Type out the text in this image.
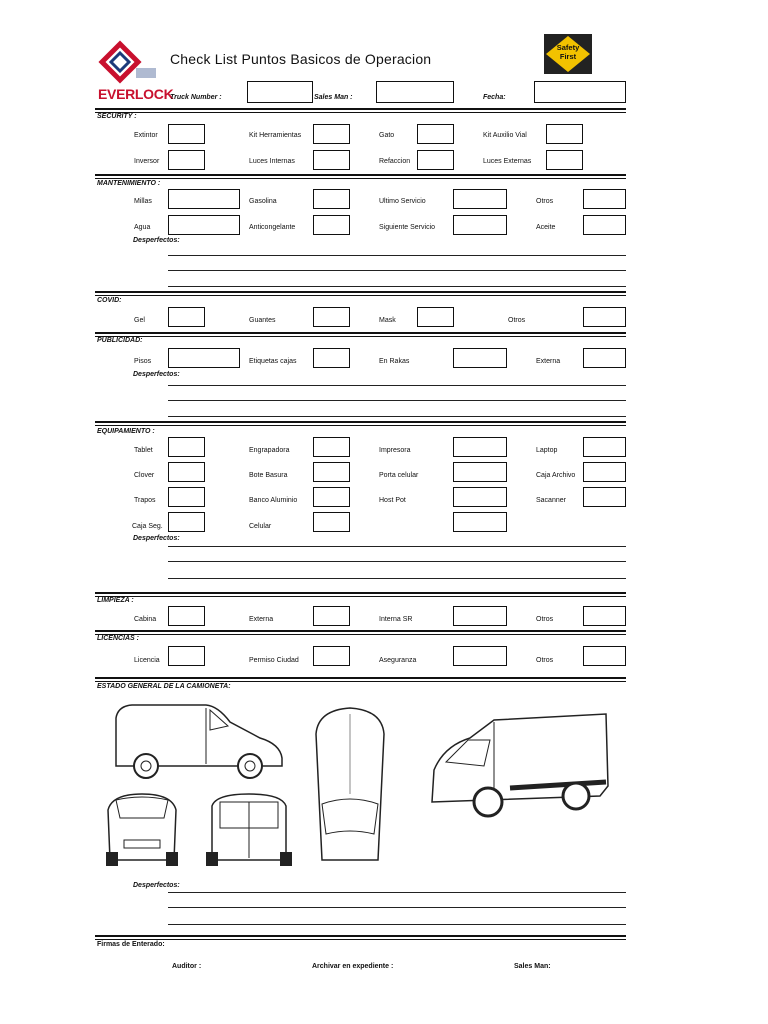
EVERLOCK
Check List Puntos Basicos de Operacion
Safety
First
Truck Number :	Sales Man :	Fecha:
SECURITY :
Extintor	Kit Herramientas	Gato	Kit Auxilio Vial
Inversor	Luces Internas	Refaccion	Luces Externas
MANTENIMIENTO :
Millas	Gasolina	Ultimo Servicio	Otros
Agua	Anticongelante	Siguiente Servicio	Aceite
Desperfectos:
COVID:
Gel	Guantes	Mask	Otros
PUBLICIDAD:
Pisos	Etiquetas cajas	En Rakas	Externa
Desperfectos:
EQUIPAMIENTO :
Tablet	Engrapadora	Impresora	Laptop
Clover	Bote Basura	Porta celular	Caja Archivo
Trapos	Banco Aluminio	Host Pot	Sacanner
Caja Seg.	Celular
Desperfectos:
LIMPIEZA :
Cabina	Externa	Interna SR	Otros
LICENCIAS :
Licencia	Permiso Ciudad	Aseguranza	Otros
ESTADO GENERAL DE LA CAMIONETA:
Desperfectos:
Firmas de Enterado:
Auditor :	Archivar en expediente :	Sales Man:
